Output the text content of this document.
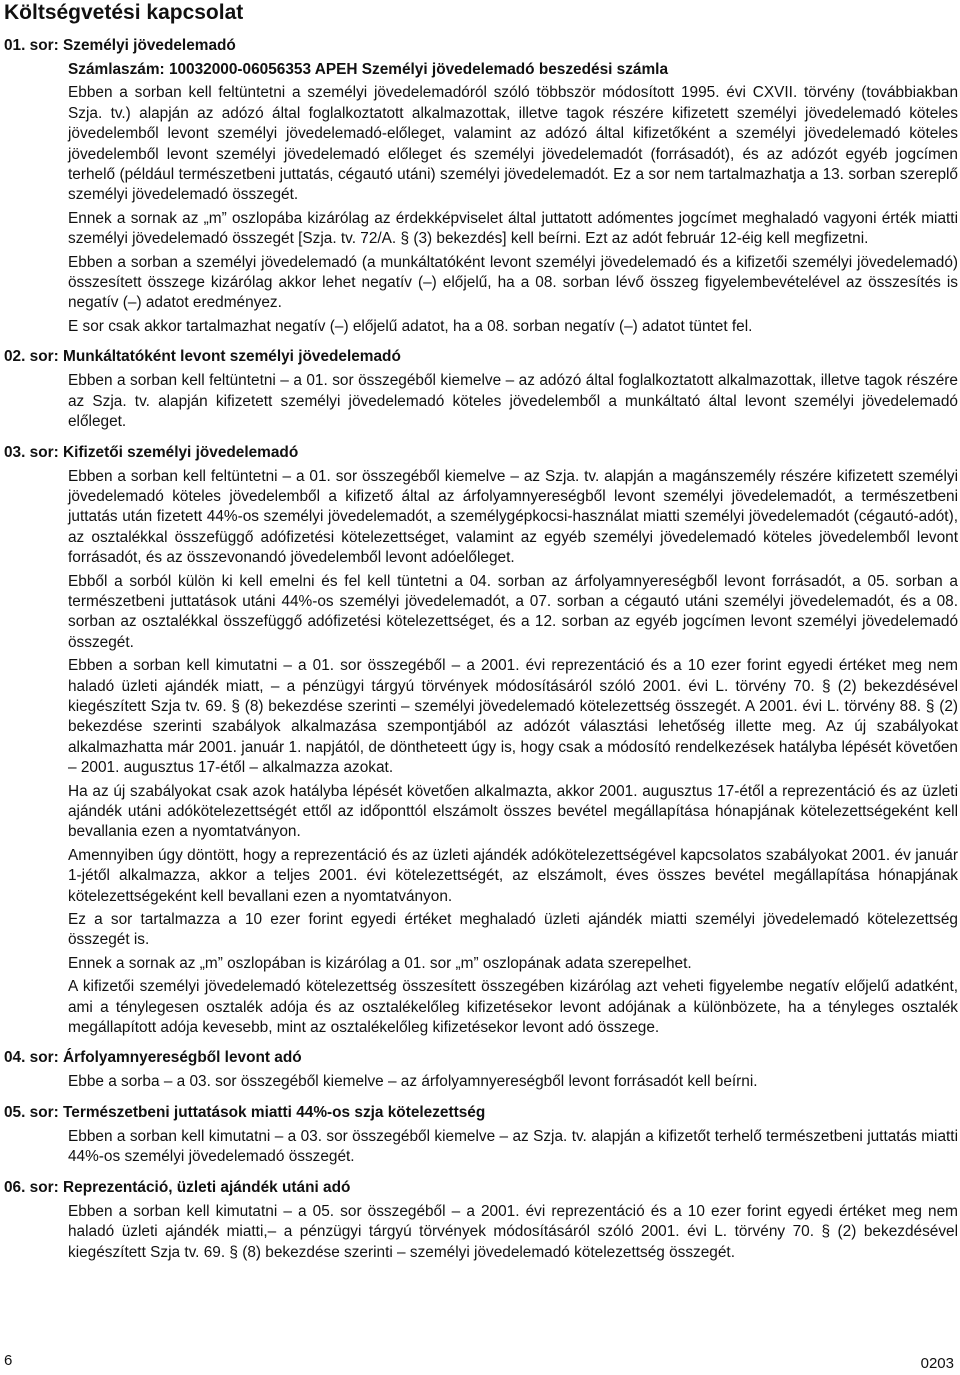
Költségvetési kapcsolat
01. sor: Személyi jövedelemadó
Számlaszám: 10032000-06056353 APEH Személyi jövedelemadó beszedési számla
Ebben a sorban kell feltüntetni a személyi jövedelemadóról szóló többször módosított 1995. évi CXVII. törvény (továbbiakban Szja. tv.) alapján az adózó által foglalkoztatott alkalmazottak, illetve tagok részére kifizetett személyi jövedelemadó köteles jövedelemből levont személyi jövedelemadó-előleget, valamint az adózó által kifizetőként a személyi jövedelemadó köteles jövedelemből levont személyi jövedelemadó előleget és személyi jövedelemadót (forrásadót), és az adózót egyéb jogcímen terhelő (például természetbeni juttatás, cégautó utáni) személyi jövedelemadót. Ez a sor nem tartalmazhatja a 13. sorban szereplő személyi jövedelemadó összegét.
Ennek a sornak az „m” oszlopába kizárólag az érdekképviselet által juttatott adómentes jogcímet meghaladó vagyoni érték miatti személyi jövedelemadó összegét [Szja. tv. 72/A. § (3) bekezdés] kell beírni. Ezt az adót február 12-éig kell megfizetni.
Ebben a sorban a személyi jövedelemadó (a munkáltatóként levont személyi jövedelemadó és a kifizetői személyi jövedelemadó) összesített összege kizárólag akkor lehet negatív (–) előjelű, ha a 08. sorban lévő összeg figyelembevételével az összesítés is negatív (–) adatot eredményez.
E sor csak akkor tartalmazhat negatív (–) előjelű adatot, ha a 08. sorban negatív (–) adatot tüntet fel.
02. sor: Munkáltatóként levont személyi jövedelemadó
Ebben a sorban kell feltüntetni – a 01. sor összegéből kiemelve – az adózó által foglalkoztatott alkalmazottak, illetve tagok részére az Szja. tv. alapján kifizetett személyi jövedelemadó köteles jövedelemből a munkáltató által levont személyi jövedelemadó előleget.
03. sor: Kifizetői személyi jövedelemadó
Ebben a sorban kell feltüntetni – a 01. sor összegéből kiemelve – az Szja. tv. alapján a magánszemély részére kifizetett személyi jövedelemadó köteles jövedelemből a kifizető által az árfolyamnyereségből levont személyi jövedelemadót, a természetbeni juttatás után fizetett 44%-os személyi jövedelemadót, a személygépkocsi-használat miatti személyi jövedelemadót (cégautó-adót), az osztalékkal összefüggő adófizetési kötelezettséget, valamint az egyéb személyi jövedelemadó köteles jövedelemből levont forrásadót, és az összevonandó jövedelemből levont adóelőleget.
Ebből a sorból külön ki kell emelni és fel kell tüntetni a 04. sorban az árfolyamnyereségből levont forrásadót, a 05. sorban a természetbeni juttatások utáni 44%-os személyi jövedelemadót, a 07. sorban a cégautó utáni személyi jövedelemadót, és a 08. sorban az osztalékkal összefüggő adófizetési kötelezettséget, és a 12. sorban az egyéb jogcímen levont személyi jövedelemadó összegét.
Ebben a sorban kell kimutatni – a 01. sor összegéből – a 2001. évi reprezentáció és a 10 ezer forint egyedi értéket meg nem haladó üzleti ajándék miatt, – a pénzügyi tárgyú törvények módosításáról szóló 2001. évi L. törvény 70. § (2) bekezdésével kiegészített Szja tv. 69. § (8) bekezdése szerinti – személyi jövedelemadó kötelezettség összegét. A 2001. évi L. törvény 88. § (2) bekezdése szerinti szabályok alkalmazása szempontjából az adózót választási lehetőség illette meg. Az új szabályokat alkalmazhatta már 2001. január 1. napjától, de döntheteett úgy is, hogy csak a módosító rendelkezések hatályba lépését követően – 2001. augusztus 17-étől – alkalmazza azokat.
Ha az új szabályokat csak azok hatályba lépését követően alkalmazta, akkor 2001. augusztus 17-étől a reprezentáció és az üzleti ajándék utáni adókötelezettségét ettől az időponttól elszámolt összes bevétel megállapítása hónapjának kötelezettségeként kell bevallania ezen a nyomtatványon.
Amennyiben úgy döntött, hogy a reprezentáció és az üzleti ajándék adókötelezettségével kapcsolatos szabályokat 2001. év január 1-jétől alkalmazza, akkor a teljes 2001. évi kötelezettségét, az elszámolt, éves összes bevétel megállapítása hónapjának kötelezettségeként kell bevallani ezen a nyomtatványon.
Ez a sor tartalmazza a 10 ezer forint egyedi értéket meghaladó üzleti ajándék miatti személyi jövedelemadó kötelezettség összegét is.
Ennek a sornak az „m” oszlopában is kizárólag a 01. sor „m” oszlopának adata szerepelhet.
A kifizetői személyi jövedelemadó kötelezettség összesített összegében kizárólag azt veheti figyelembe negatív előjelű adatként, ami a ténylegesen osztalék adója és az osztalékelőleg kifizetésekor levont adójának a különbözete, ha a tényleges osztalék megállapított adója kevesebb, mint az osztalékelőleg kifizetésekor levont adó összege.
04. sor: Árfolyamnyereségből levont adó
Ebbe a sorba – a 03. sor összegéből kiemelve – az árfolyamnyereségből levont forrásadót kell beírni.
05. sor: Természetbeni juttatások miatti 44%-os szja kötelezettség
Ebben a sorban kell kimutatni – a 03. sor összegéből kiemelve – az Szja. tv. alapján a kifizetőt terhelő természetbeni juttatás miatti 44%-os személyi jövedelemadó összegét.
06. sor: Reprezentáció, üzleti ajándék utáni adó
Ebben a sorban kell kimutatni – a 05. sor összegéből – a 2001. évi reprezentáció és a 10 ezer forint egyedi értéket meg nem haladó üzleti ajándék miatti,– a pénzügyi tárgyú törvények módosításáról szóló 2001. évi L. törvény 70. § (2) bekezdésével kiegészített Szja tv. 69. § (8) bekezdése szerinti – személyi jövedelemadó kötelezettség összegét.
6	0203
